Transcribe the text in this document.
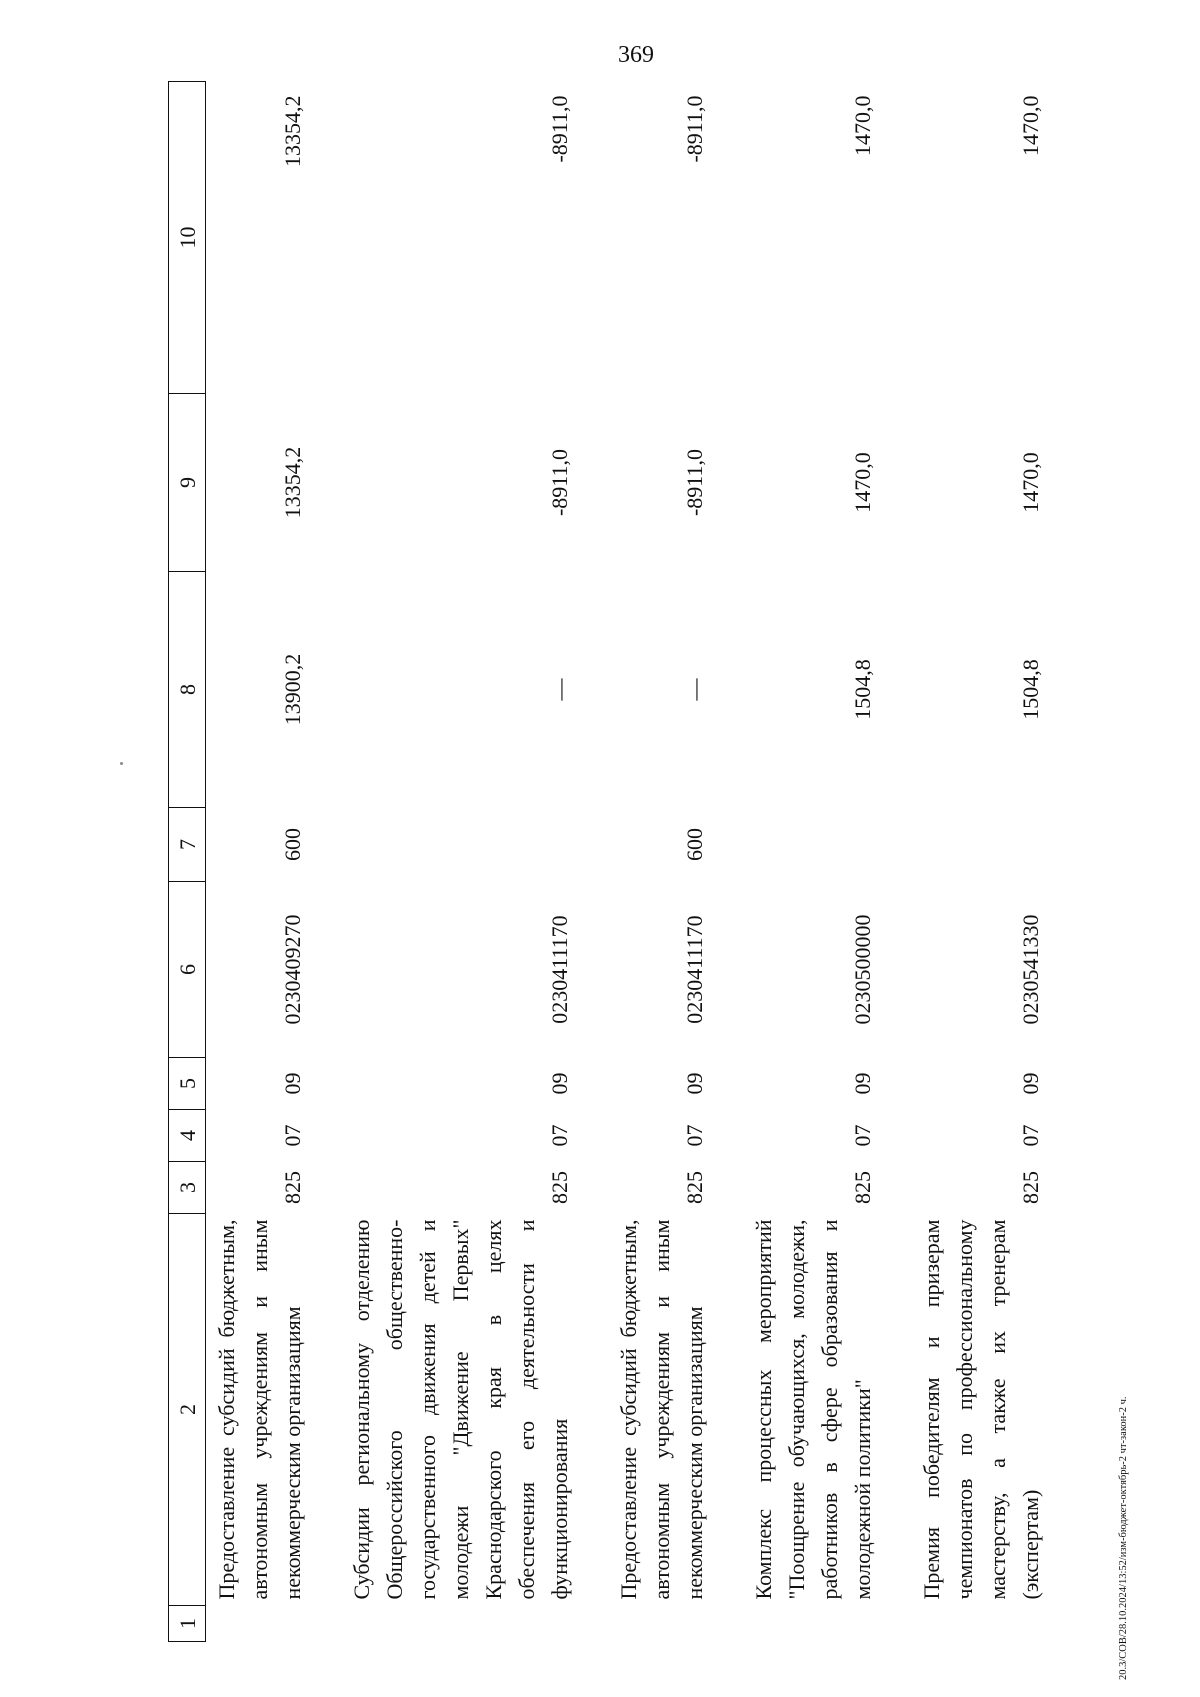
369
20.3/СОВ/28.10.2024/13:52/изм-бюджет-октябрь-2 чт-закон-2 ч.
1	2	3	4	5	6	7	8	9	10
	Предоставление субсидий бюджетным, автономным учреждениям и иным некоммерческим организациям	825	07	09	0230409270	600	13900,2	13354,2	13354,2

	Субсидии региональному отделению Общероссийского общественно-государственного движения детей и молодежи "Движение Первых" Краснодарского края в целях обеспечения его деятельности и функционирования	825	07	09	0230411170		—	-8911,0	-8911,0

	Предоставление субсидий бюджетным, автономным учреждениям и иным некоммерческим организациям	825	07	09	0230411170	600	—	-8911,0	-8911,0

	Комплекс процессных мероприятий "Поощрение обучающихся, молодежи, работников в сфере образования и молодежной политики"	825	07	09	0230500000		1504,8	1470,0	1470,0

	Премия победителям и призерам чемпионатов по профессиональному мастерству, а также их тренерам (экспертам)	825	07	09	0230541330		1504,8	1470,0	1470,0
